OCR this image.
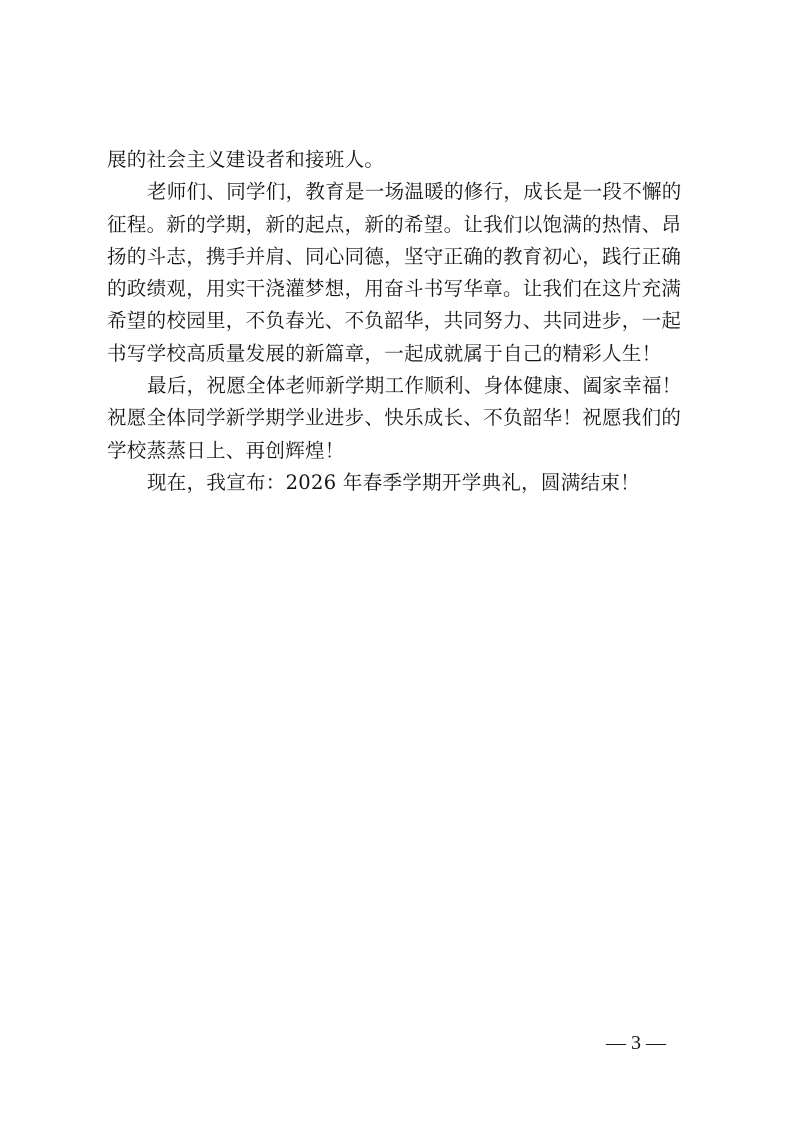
展的社会主义建设者和接班人。
老师们、同学们，教育是一场温暖的修行，成长是一段不懈的
征程。新的学期，新的起点，新的希望。让我们以饱满的热情、昂
扬的斗志，携手并肩、同心同德，坚守正确的教育初心，践行正确
的政绩观，用实干浇灌梦想，用奋斗书写华章。让我们在这片充满
希望的校园里，不负春光、不负韶华，共同努力、共同进步，一起
书写学校高质量发展的新篇章，一起成就属于自己的精彩人生！
最后，祝愿全体老师新学期工作顺利、身体健康、阖家幸福！
祝愿全体同学新学期学业进步、快乐成长、不负韶华！祝愿我们的
学校蒸蒸日上、再创辉煌！
现在，我宣布：2026 年春季学期开学典礼，圆满结束！
— 3 —
